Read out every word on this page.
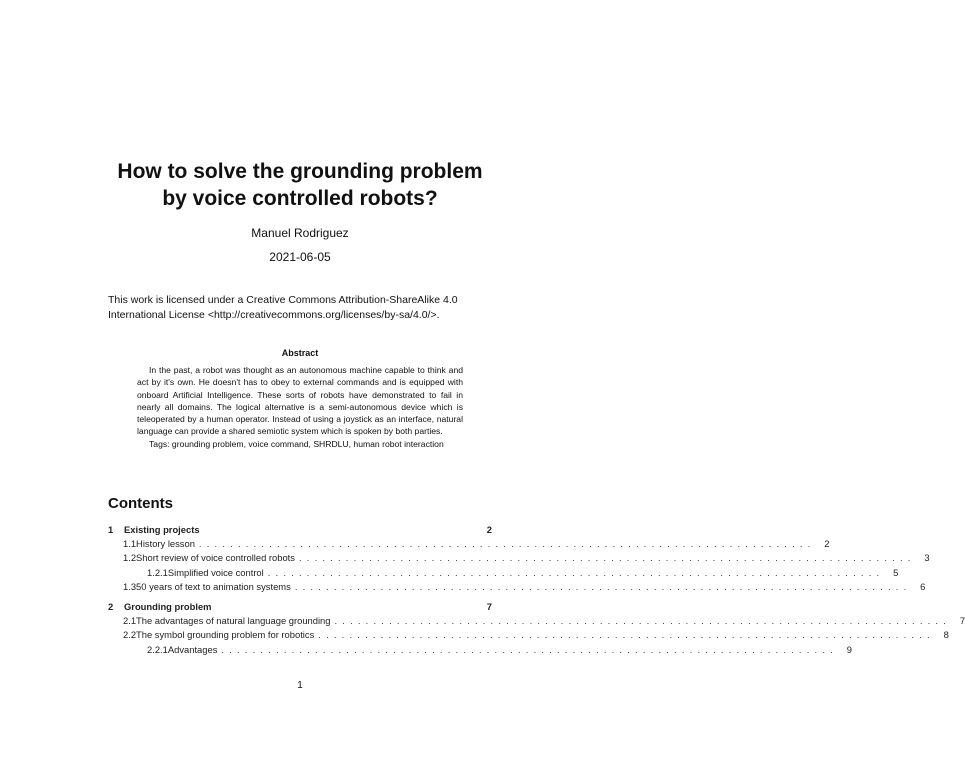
How to solve the grounding problem
by voice controlled robots?
Manuel Rodriguez
2021-06-05
This work is licensed under a Creative Commons Attribution-ShareAlike 4.0
International License <http://creativecommons.org/licenses/by-sa/4.0/>.
Abstract

In the past, a robot was thought as an autonomous machine capable to think and act by it's own. He doesn't has to obey to external commands and is equipped with onboard Artificial Intelligence. These sorts of robots have demonstrated to fail in nearly all domains. The logical alternative is a semi-autonomous device which is teleoperated by a human operator. Instead of using a joystick as an interface, natural language can provide a shared semiotic system which is spoken by both parties.

Tags: grounding problem, voice command, SHRDLU, human robot interaction

Contents
1	Existing projects	2
1.1 History lesson ............................................................................... 2
1.2 Short review of voice controlled robots ............................................................................... 3
1.2.1 Simplified voice control ............................................................................... 5
1.3 50 years of text to animation systems ............................................................................... 6
2	Grounding problem	7
2.1 The advantages of natural language grounding ............................................................................... 7
2.2 The symbol grounding problem for robotics ............................................................................... 8
2.2.1 Advantages ............................................................................... 9
1
